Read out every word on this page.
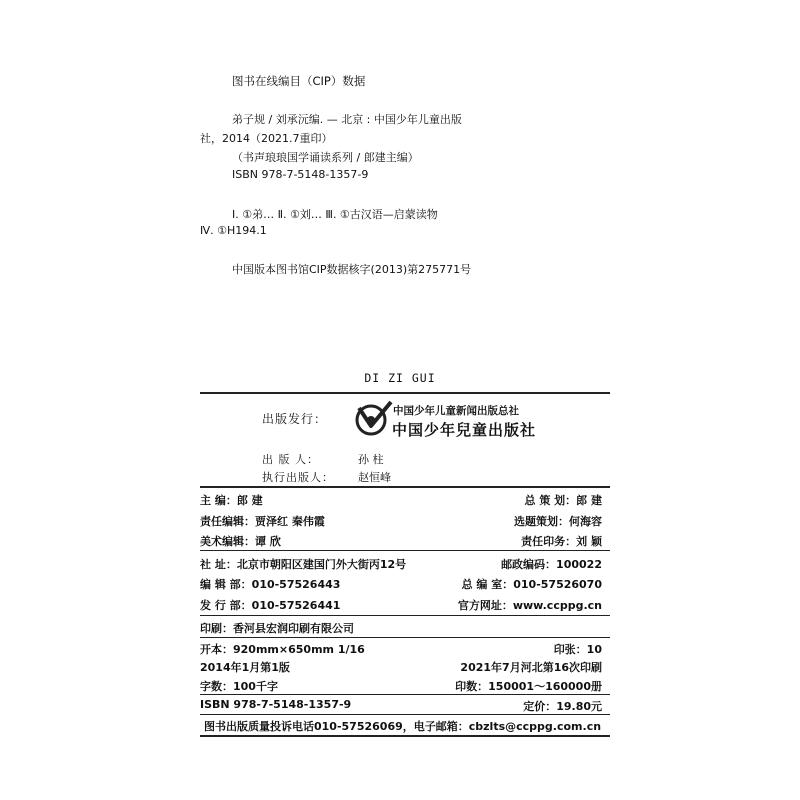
图书在线编目（CIP）数据
弟子规 / 刘承沅编. — 北京 : 中国少年儿童出版
社，2014（2021.7重印）
（书声琅琅国学诵读系列 / 郎建主编）
ISBN 978-7-5148-1357-9
Ⅰ. ①弟… Ⅱ. ①刘… Ⅲ. ①古汉语—启蒙读物
Ⅳ. ①H194.1
中国版本图书馆CIP数据核字(2013)第275771号
DI ZI GUI
出版发行：
中国少年儿童新闻出版总社
中国少年兒童出版社
出 版 人：	孙 柱
执行出版人： 赵恒峰
主 编：郎 建	总 策 划：郎 建
责任编辑：贾泽红 秦伟霞	选题策划：何海容
美术编辑：谭 欣	责任印务：刘 颖
社 址：北京市朝阳区建国门外大街丙12号	邮政编码：100022
编 辑 部：010-57526443	总 编 室：010-57526070
发 行 部：010-57526441	官方网址：www.ccppg.cn
印刷：香河县宏润印刷有限公司
开本：920mm×650mm 1/16	印张：10
2014年1月第1版	2021年7月河北第16次印刷
字数：100千字	印数：150001～160000册
ISBN 978-7-5148-1357-9	定价：19.80元
图书出版质量投诉电话010-57526069，电子邮箱：cbzlts@ccppg.com.cn
